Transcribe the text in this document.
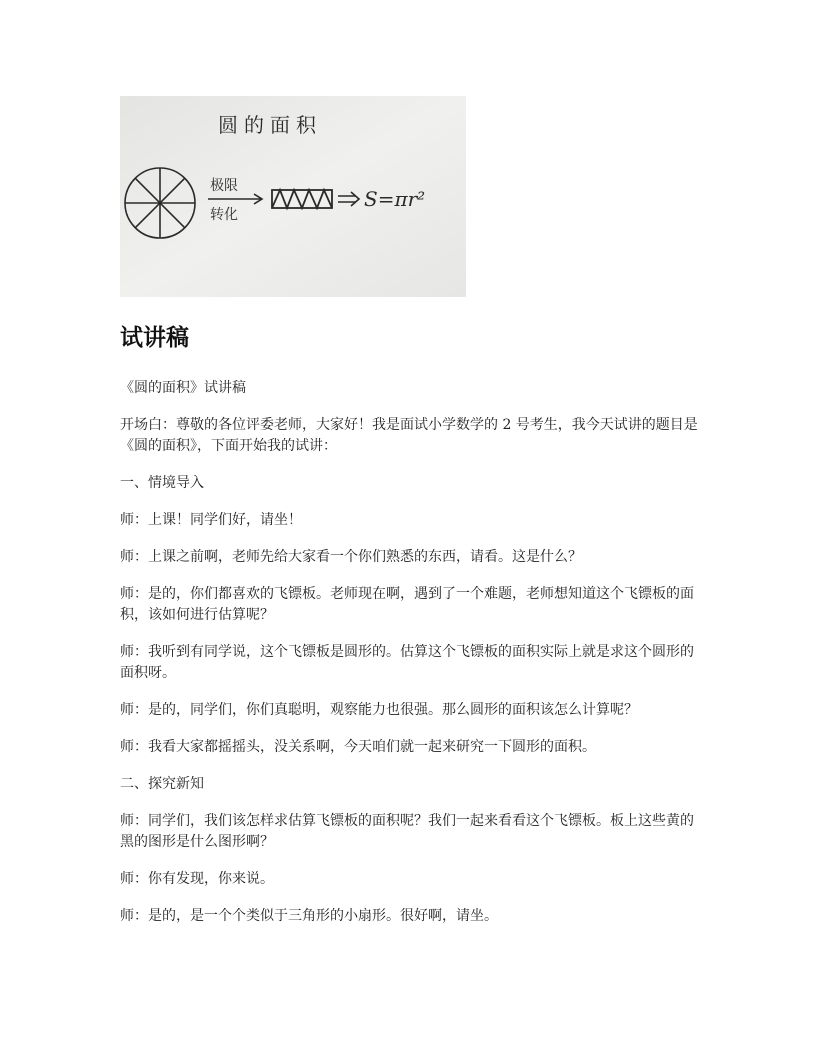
圆的面积
极限
转化
S=πr²
试讲稿

《圆的面积》试讲稿

开场白：尊敬的各位评委老师，大家好！我是面试小学数学的 2 号考生，我今天试讲的题目是《圆的面积》，下面开始我的试讲：

一、情境导入

师：上课！同学们好，请坐！

师：上课之前啊，老师先给大家看一个你们熟悉的东西，请看。这是什么？

师：是的，你们都喜欢的飞镖板。老师现在啊，遇到了一个难题，老师想知道这个飞镖板的面积，该如何进行估算呢？

师：我听到有同学说，这个飞镖板是圆形的。估算这个飞镖板的面积实际上就是求这个圆形的面积呀。

师：是的，同学们，你们真聪明，观察能力也很强。那么圆形的面积该怎么计算呢？

师：我看大家都摇摇头，没关系啊，今天咱们就一起来研究一下圆形的面积。

二、探究新知

师：同学们，我们该怎样求估算飞镖板的面积呢？我们一起来看看这个飞镖板。板上这些黄的黑的图形是什么图形啊？

师：你有发现，你来说。

师：是的，是一个个类似于三角形的小扇形。很好啊，请坐。
